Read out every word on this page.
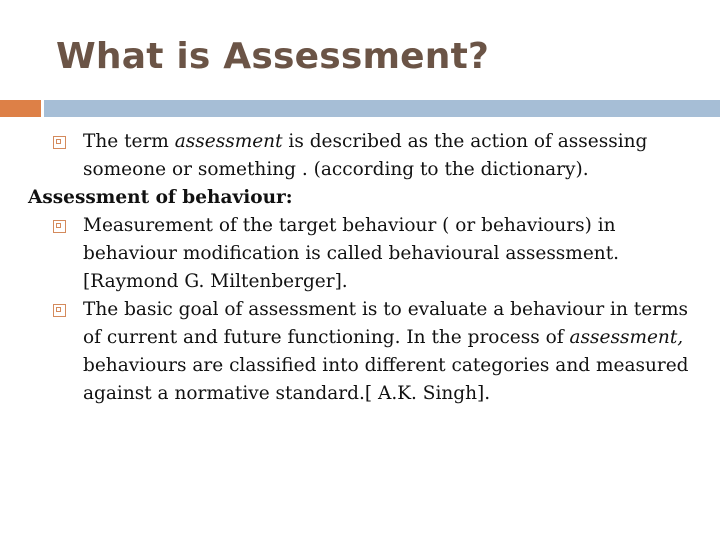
What is Assessment?

The term assessment is described as the action of assessing someone or something . (according to the dictionary).

Assessment of behaviour:

Measurement of the target behaviour ( or behaviours) in behaviour modification is called behavioural assessment.[Raymond G. Miltenberger].

The basic goal of assessment is to evaluate a behaviour in terms of current and future functioning. In the process of assessment, behaviours are classified into different categories and measured against a normative standard.[ A.K. Singh].
